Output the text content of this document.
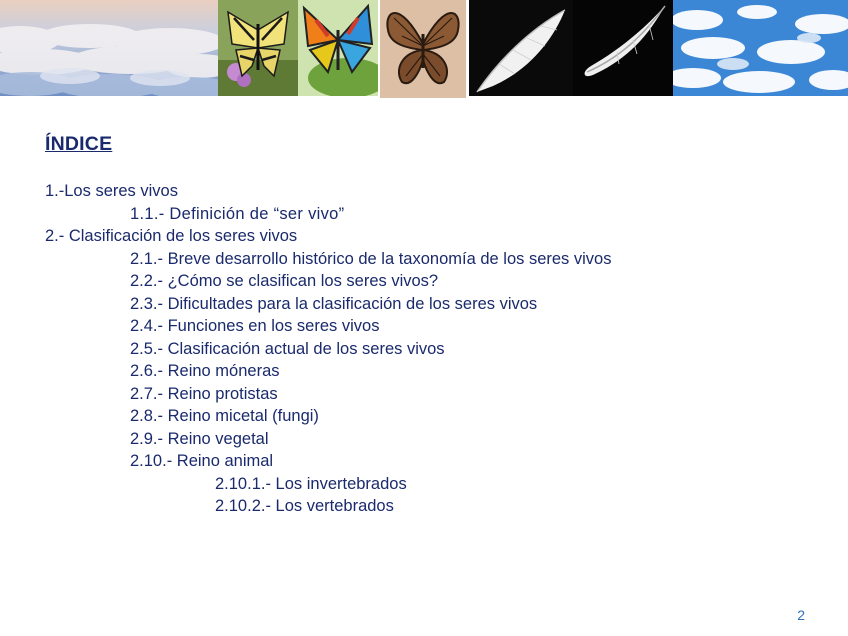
ÍNDICE
1.-Los seres vivos
1.1.- Definición de “ser vivo”
2.- Clasificación de los seres vivos
2.1.- Breve desarrollo histórico de la taxonomía de los seres vivos
2.2.- ¿Cómo se clasifican los seres vivos?
2.3.- Dificultades para la clasificación de los seres vivos
2.4.- Funciones en los seres vivos
2.5.- Clasificación actual de los seres vivos
2.6.- Reino móneras
2.7.- Reino protistas
2.8.- Reino micetal (fungi)
2.9.- Reino vegetal
2.10.- Reino animal
2.10.1.- Los invertebrados
2.10.2.- Los vertebrados
2
